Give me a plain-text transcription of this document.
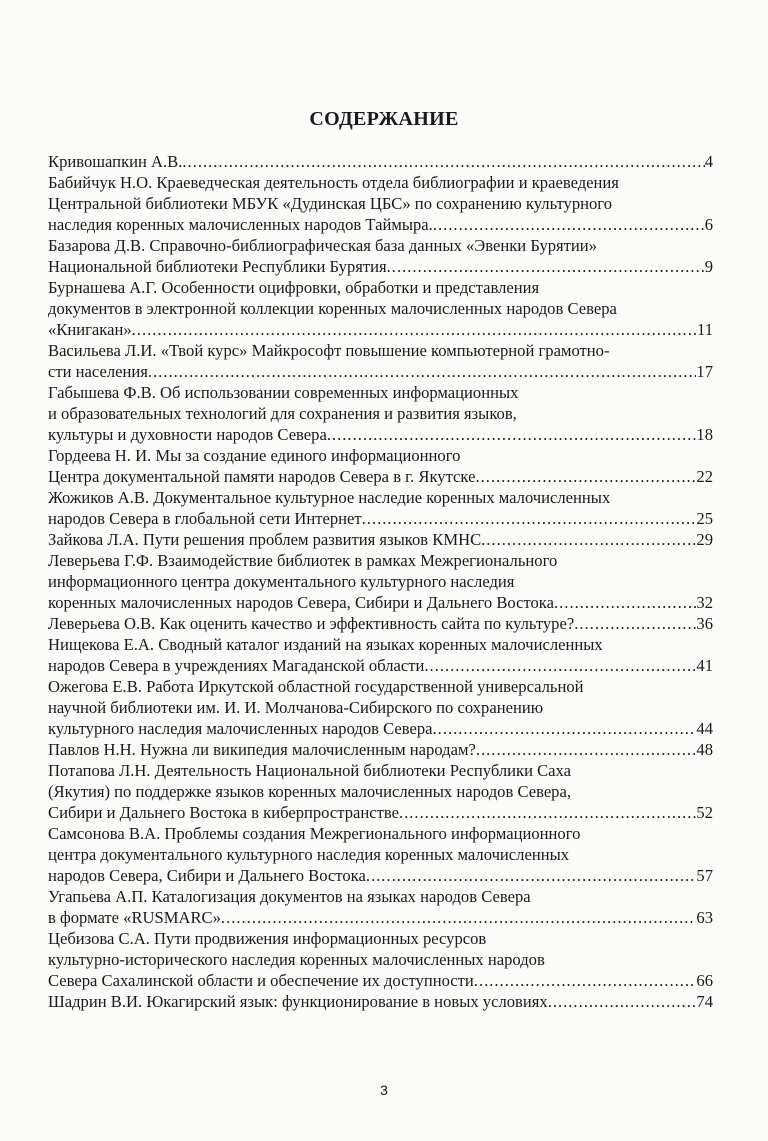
СОДЕРЖАНИЕ
Кривошапкин А.В. .....	4
Бабийчук Н.О. Краеведческая деятельность отдела библиографии и краеведения
Центральной библиотеки МБУК «Дудинская ЦБС» по сохранению культурного
наследия коренных малочисленных народов Таймыра. .....	6
Базарова Д.В. Справочно-библиографическая база данных «Эвенки Бурятии»
Национальной библиотеки Республики Бурятия .....	9
Бурнашева А.Г. Особенности оцифровки, обработки и представления
документов в электронной коллекции коренных малочисленных народов Севера
«Книгакан» .....	11
Васильева Л.И. «Твой курс» Майкрософт повышение компьютерной грамотно-
сти населения .....	17
Габышева Ф.В. Об использовании современных информационных
и образовательных технологий для сохранения и развития языков,
культуры и духовности народов Севера .....	18
Гордеева Н. И. Мы за создание единого информационного
Центра документальной памяти народов Севера в г. Якутске .....	22
Жожиков А.В. Документальное культурное наследие коренных малочисленных
народов Севера в глобальной сети Интернет .....	25
Зайкова Л.А. Пути решения проблем развития языков КМНС .....	29
Леверьева Г.Ф. Взаимодействие библиотек в рамках Межрегионального
информационного центра документального культурного наследия
коренных малочисленных народов Севера, Сибири и Дальнего Востока .....	32
Леверьева О.В. Как оценить качество и эффективность сайта по культуре? .....	36
Нищекова Е.А. Сводный каталог изданий на языках коренных малочисленных
народов Севера в учреждениях Магаданской области .....	41
Ожегова Е.В. Работа Иркутской областной государственной универсальной
научной библиотеки им. И. И. Молчанова-Сибирского по сохранению
культурного наследия малочисленных народов Севера .....	44
Павлов Н.Н. Нужна ли википедия малочисленным народам? .....	48
Потапова Л.Н. Деятельность Национальной библиотеки Республики Саха
(Якутия) по поддержке языков коренных малочисленных народов Севера,
Сибири и Дальнего Востока в киберпространстве .....	52
Самсонова В.А. Проблемы создания Межрегионального информационного
центра документального культурного наследия коренных малочисленных
народов Севера, Сибири и Дальнего Востока .....	57
Угапьева А.П. Каталогизация документов на языках народов Севера
в формате «RUSMARC» .....	63
Цебизова С.А. Пути продвижения информационных ресурсов
культурно-исторического наследия коренных малочисленных народов
Севера Сахалинской области и обеспечение их доступности .....	66
Шадрин В.И. Юкагирский язык: функционирование в новых условиях .....	74
3
